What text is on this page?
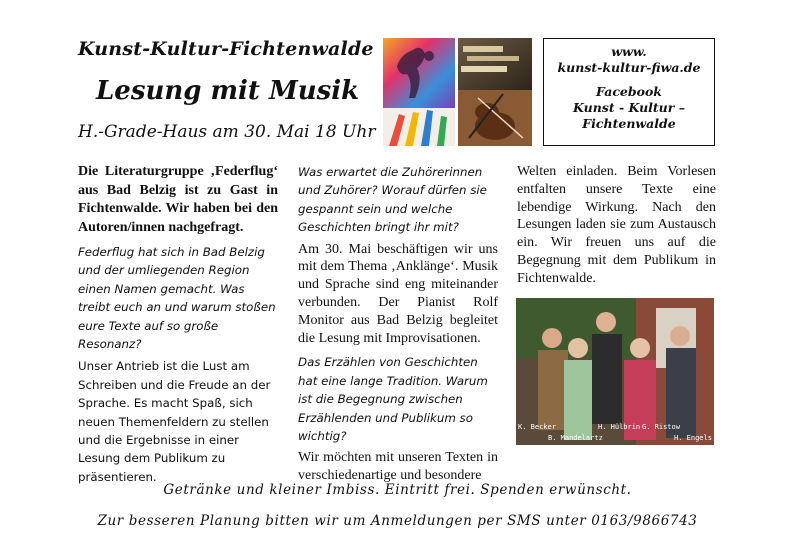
Kunst-Kultur-Fichtenwalde
Lesung mit Musik
H.-Grade-Haus am 30. Mai 18 Uhr
www.
kunst-kultur-fiwa.de
Facebook
Kunst - Kultur –
Fichtenwalde

Die Literaturgruppe ‚Federflug‘ aus Bad Belzig ist zu Gast in Fichtenwalde. Wir haben bei den Autoren/innen nachgefragt.

Federflug hat sich in Bad Belzig und der umliegenden Region einen Namen gemacht. Was treibt euch an und warum stoßen eure Texte auf so große Resonanz?

Unser Antrieb ist die Lust am Schreiben und die Freude an der Sprache. Es macht Spaß, sich neuen Themenfeldern zu stellen und die Ergebnisse in einer Lesung dem Publikum zu präsentieren.

Was erwartet die Zuhörerinnen und Zuhörer? Worauf dürfen sie gespannt sein und welche Geschichten bringt ihr mit?

Am 30. Mai beschäftigen wir uns mit dem Thema ‚Anklänge‘. Musik und Sprache sind eng miteinander verbunden. Der Pianist Rolf Monitor aus Bad Belzig begleitet die Lesung mit Improvisationen.

Das Erzählen von Geschichten hat eine lange Tradition. Warum ist die Begegnung zwischen Erzählenden und Publikum so wichtig?

Wir möchten mit unseren Texten in verschiedenartige und besondere

Welten einladen. Beim Vorlesen entfalten unsere Texte eine lebendige Wirkung. Nach den Lesungen laden sie zum Austausch ein. Wir freuen uns auf die Begegnung mit dem Publikum in Fichtenwalde.

K. Becker	H. Hülbrin G. Ristow
B. Mandelartz	H. Engels
Getränke und kleiner Imbiss. Eintritt frei. Spenden erwünscht.
Zur besseren Planung bitten wir um Anmeldungen per SMS unter 0163/9866743
